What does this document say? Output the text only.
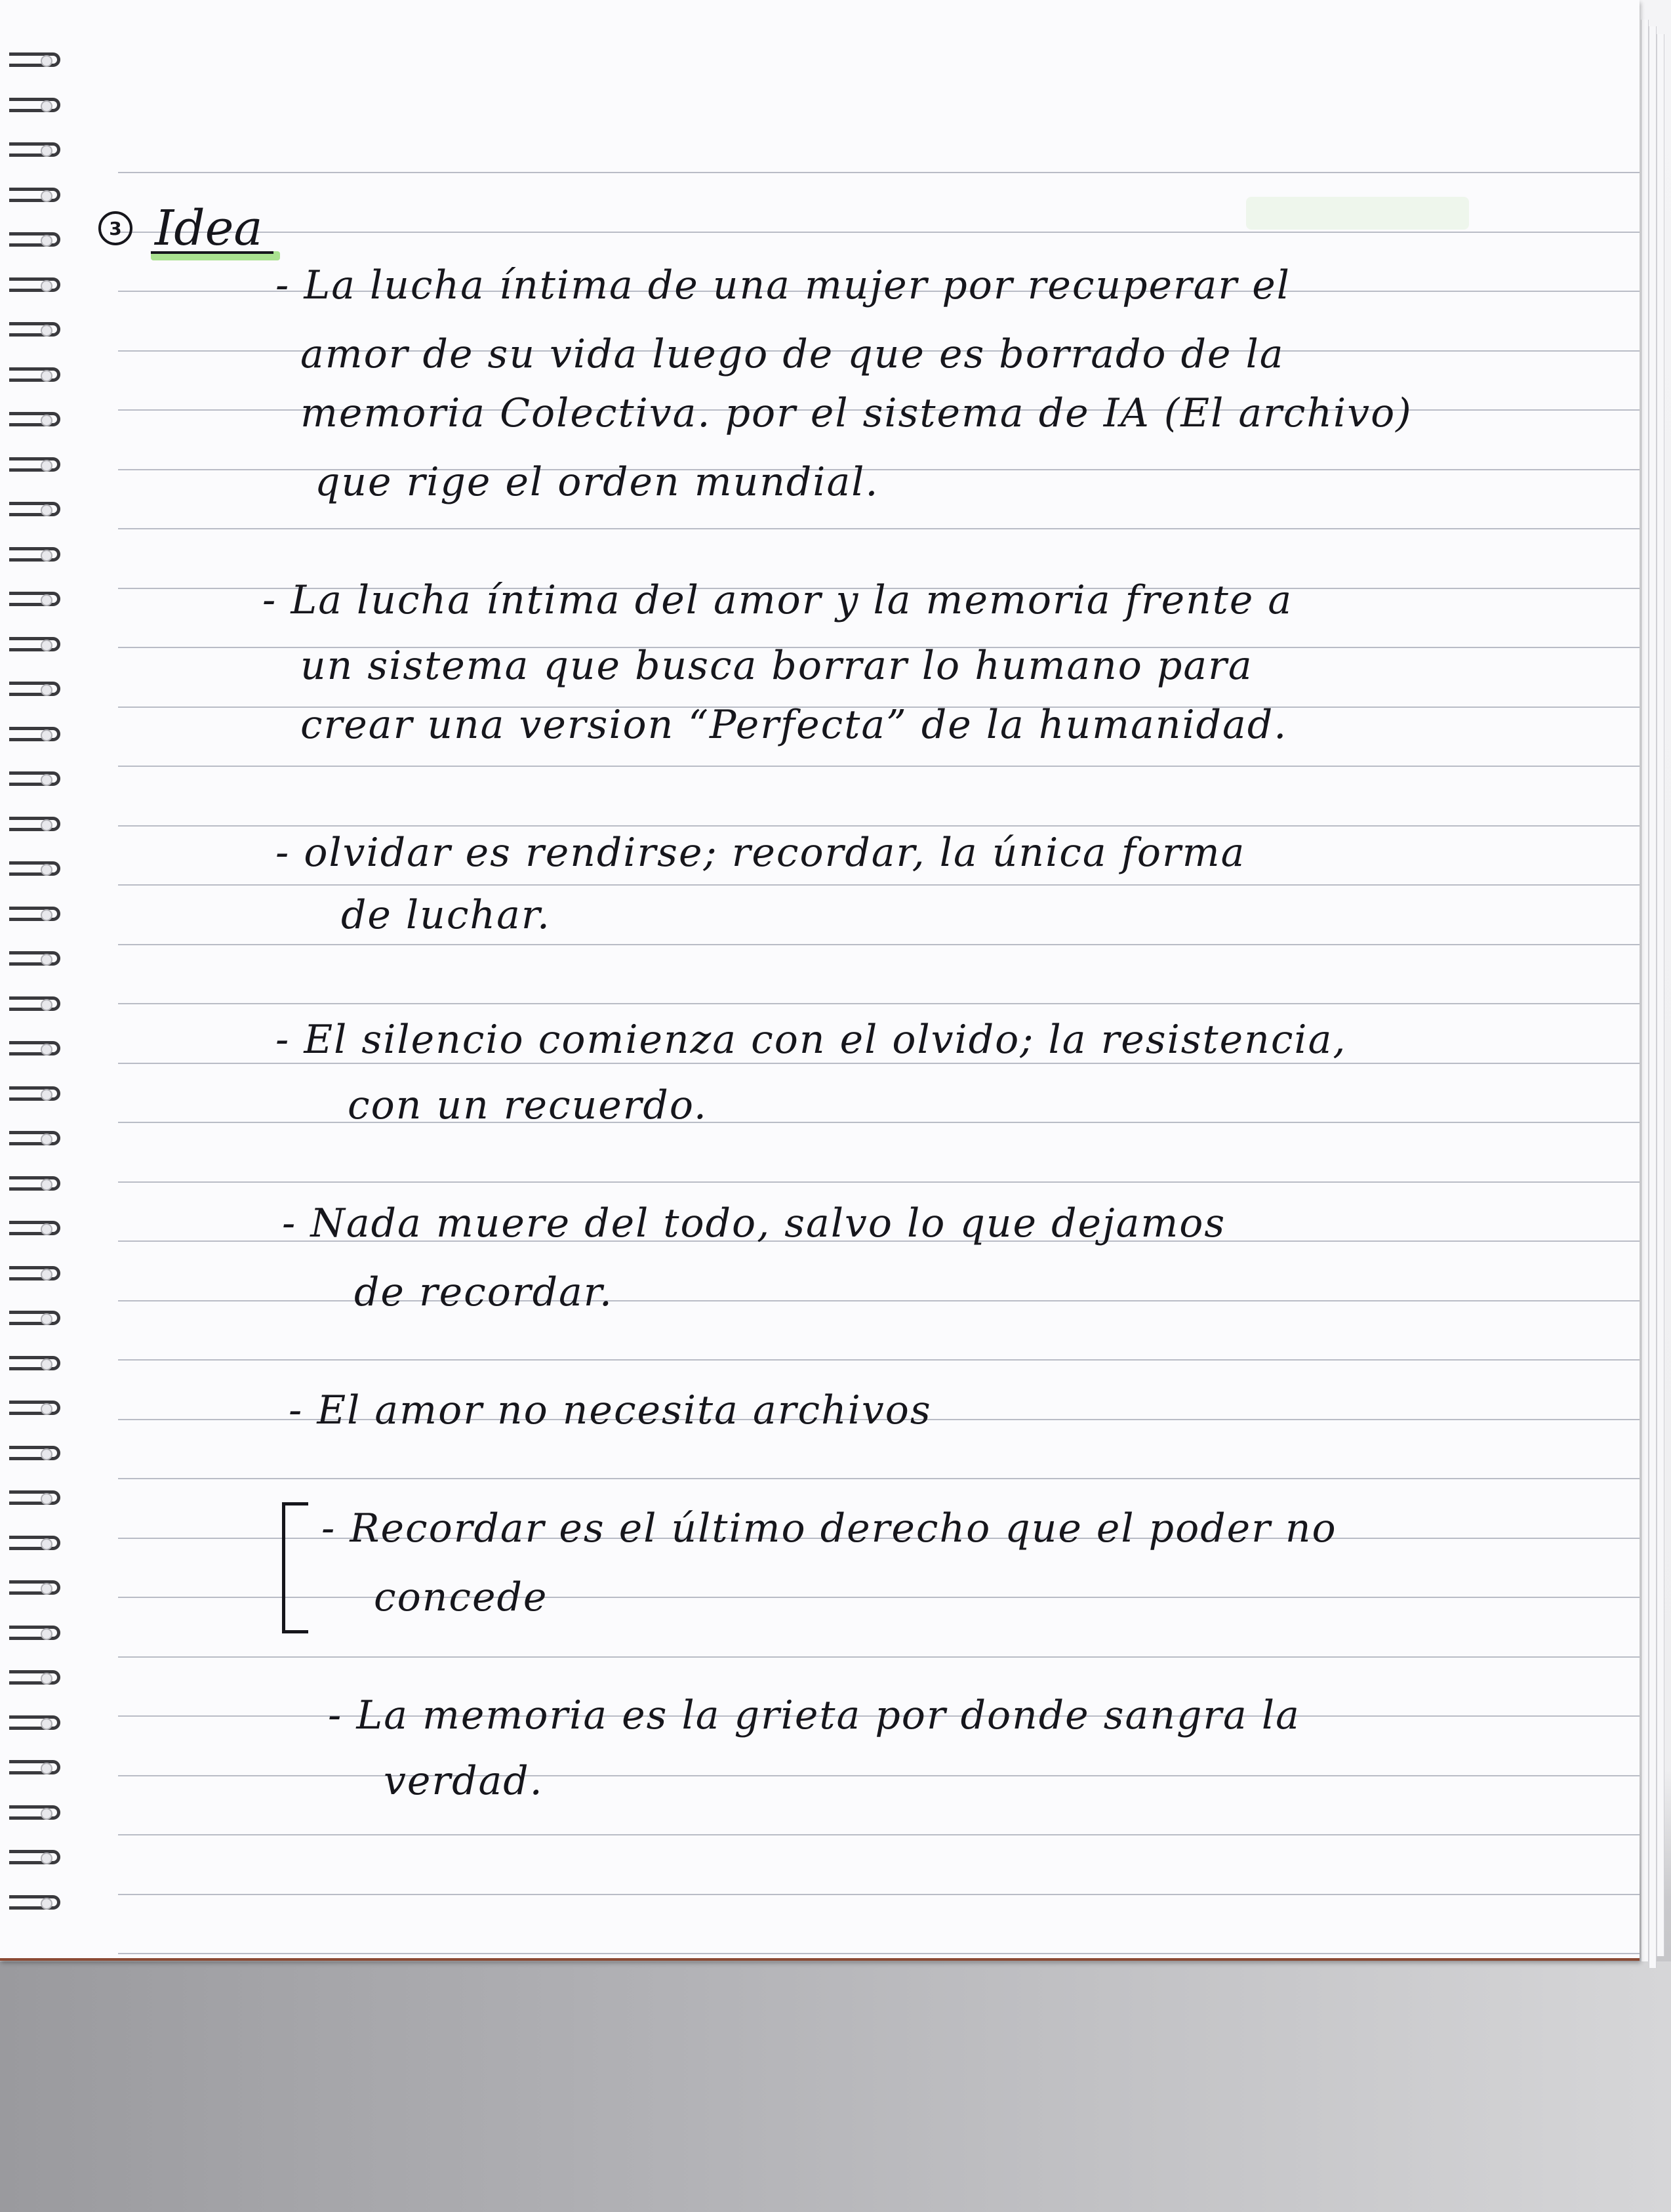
3 Idea
- La lucha íntima de una mujer por recuperar el
amor de su vida luego de que es borrado de la
memoria Colectiva. por el sistema de IA (El archivo)
que rige el orden mundial.
- La lucha íntima del amor y la memoria frente a
un sistema que busca borrar lo humano para
crear una version “Perfecta” de la humanidad.
- olvidar es rendirse; recordar, la única forma
de luchar.
- El silencio comienza con el olvido; la resistencia,
con un recuerdo.
- Nada muere del todo, salvo lo que dejamos
de recordar.
- El amor no necesita archivos
- Recordar es el último derecho que el poder no
concede
- La memoria es la grieta por donde sangra la
verdad.
